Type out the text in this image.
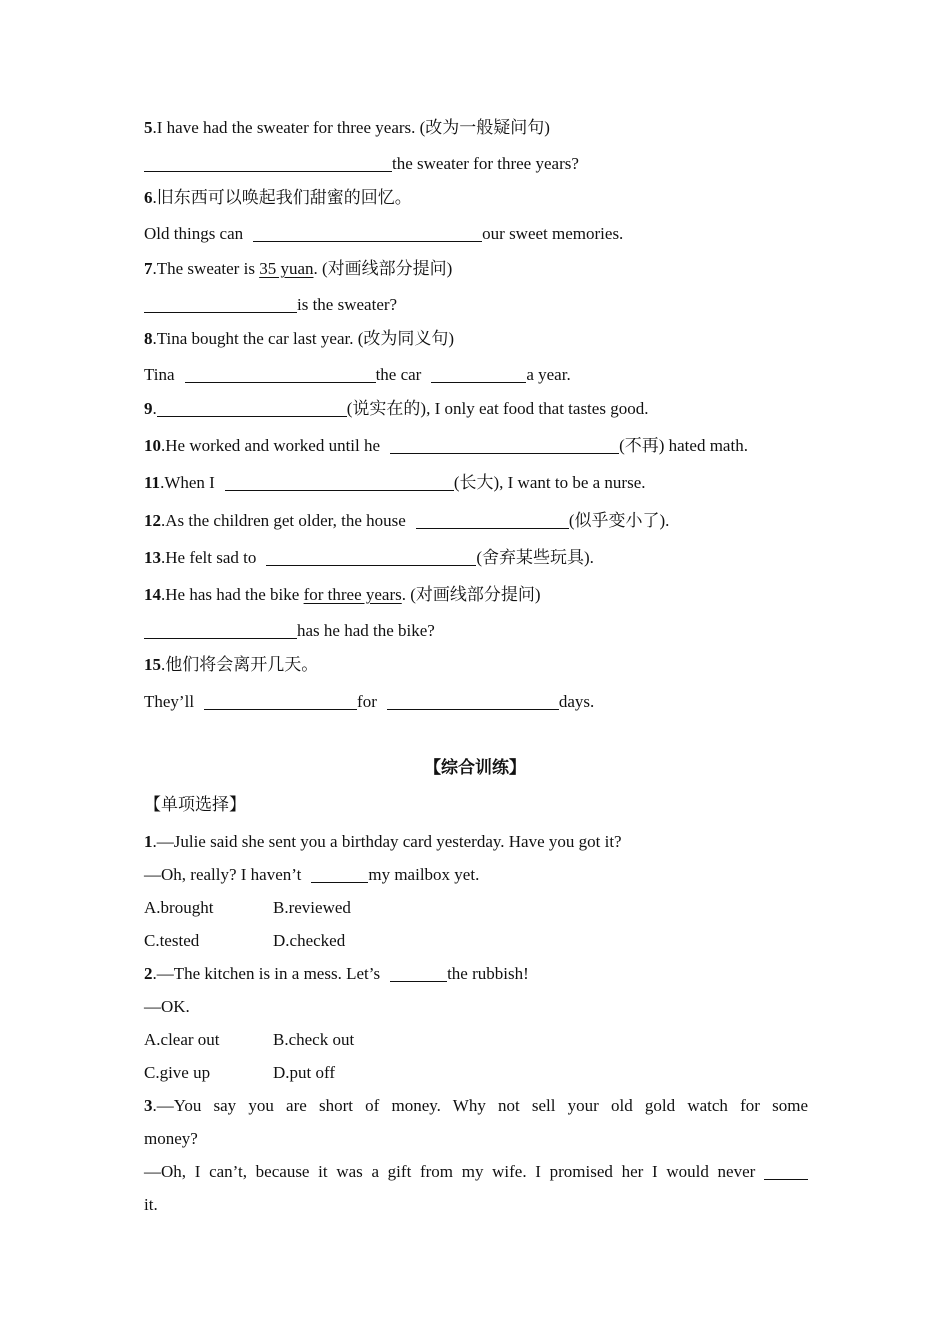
5.I have had the sweater for three years. (改为一般疑问句)
the sweater for three years?
6.旧东西可以唤起我们甜蜜的回忆。
Old things can	our sweet memories.
7.The sweater is 35 yuan. (对画线部分提问)
is the sweater?
8.Tina bought the car last year. (改为同义句)
Tina	the car	a year.
9.	(说实在的), I only eat food that tastes good.
10.He worked and worked until he	(不再) hated math.
11.When I	(长大), I want to be a nurse.
12.As the children get older, the house	(似乎变小了).
13.He felt sad to	(舍弃某些玩具).
14.He has had the bike for three years. (对画线部分提问)
has he had the bike?
15.他们将会离开几天。
They’ll	for	days.
【综合训练】
【单项选择】
1.—Julie said she sent you a birthday card yesterday. Have you got it?
—Oh, really? I haven’t	my mailbox yet.
A.brought	B.reviewed
C.tested	D.checked
2.—The kitchen is in a mess. Let’s	the rubbish!
—OK.
A.clear out	B.check out
C.give up	D.put off
3.—You say you are short of money. Why not sell your old gold watch for some
money?
—Oh, I can’t, because it was a gift from my wife. I promised her I would never
it.
